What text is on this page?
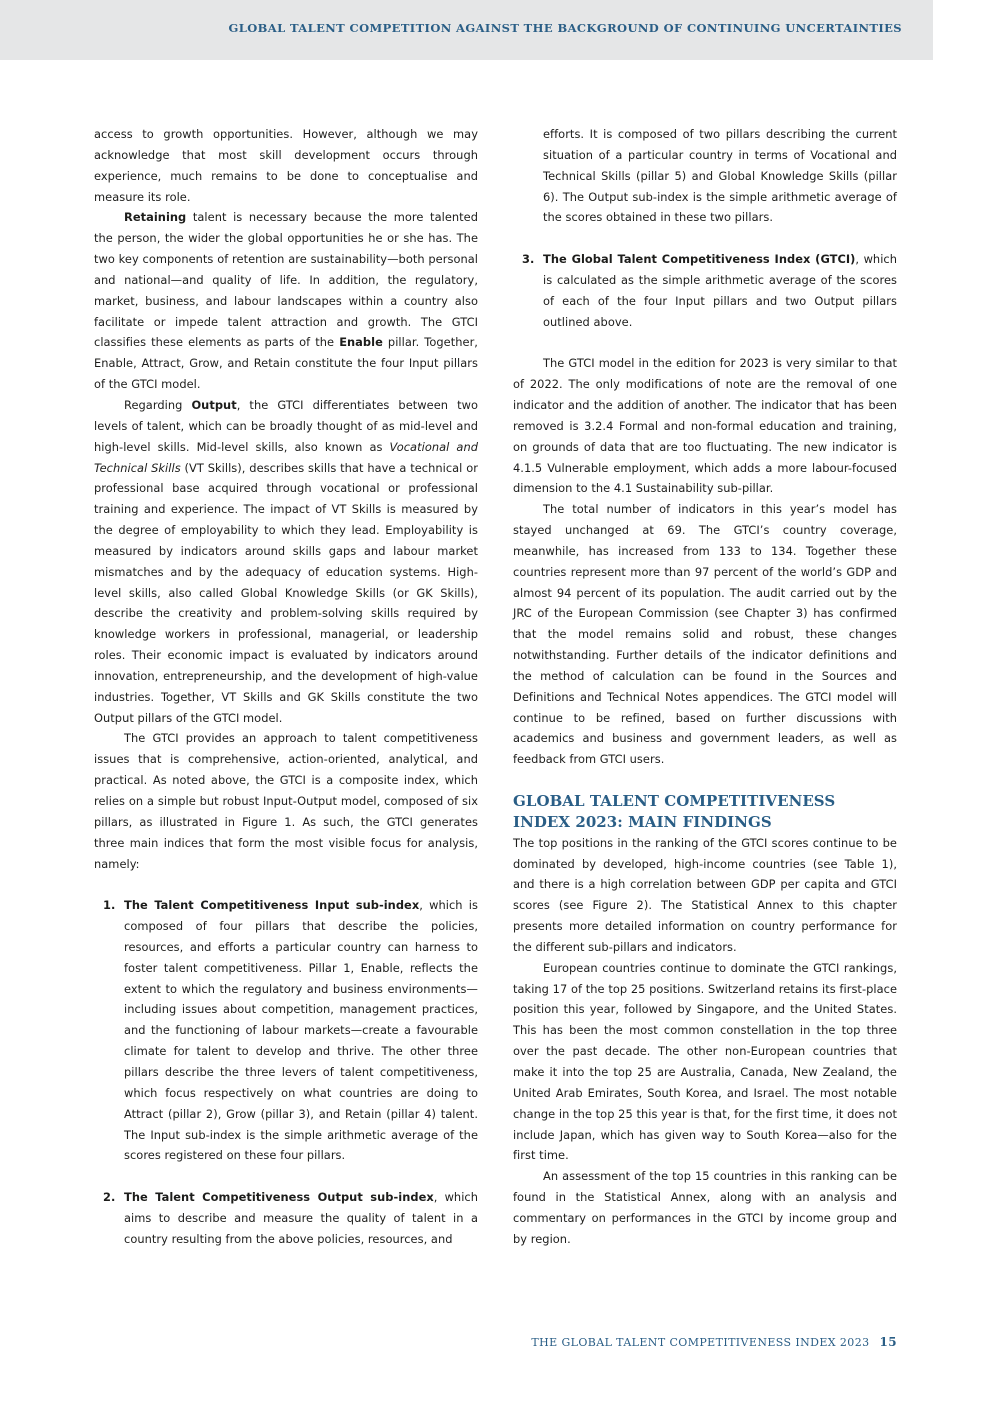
GLOBAL TALENT COMPETITION AGAINST THE BACKGROUND OF CONTINUING UNCERTAINTIES

access to growth opportunities. However, although we may acknowledge that most skill development occurs through experience, much remains to be done to conceptualise and measure its role.

Retaining talent is necessary because the more talented the person, the wider the global opportunities he or she has. The two key components of retention are sustainability—both personal and national—and quality of life. In addition, the regulatory, market, business, and labour landscapes within a country also facilitate or impede talent attraction and growth. The GTCI classifies these elements as parts of the Enable pillar. Together, Enable, Attract, Grow, and Retain constitute the four Input pillars of the GTCI model.

Regarding Output, the GTCI differentiates between two levels of talent, which can be broadly thought of as mid-level and high-level skills. Mid-level skills, also known as Vocational and Technical Skills (VT Skills), describes skills that have a technical or professional base acquired through vocational or professional training and experience. The impact of VT Skills is measured by the degree of employability to which they lead. Employability is measured by indicators around skills gaps and labour market mismatches and by the adequacy of education systems. High-level skills, also called Global Knowledge Skills (or GK Skills), describe the creativity and problem-solving skills required by knowledge workers in professional, managerial, or leadership roles. Their economic impact is evaluated by indicators around innovation, entrepreneurship, and the development of high-value industries. Together, VT Skills and GK Skills constitute the two Output pillars of the GTCI model.

The GTCI provides an approach to talent competitiveness issues that is comprehensive, action-oriented, analytical, and practical. As noted above, the GTCI is a composite index, which relies on a simple but robust Input-Output model, composed of six pillars, as illustrated in Figure 1. As such, the GTCI generates three main indices that form the most visible focus for analysis, namely:

1. The Talent Competitiveness Input sub-index, which is composed of four pillars that describe the policies, resources, and efforts a particular country can harness to foster talent competitiveness. Pillar 1, Enable, reflects the extent to which the regulatory and business environments—including issues about competition, management practices, and the functioning of labour markets—create a favourable climate for talent to develop and thrive. The other three pillars describe the three levers of talent competitiveness, which focus respectively on what countries are doing to Attract (pillar 2), Grow (pillar 3), and Retain (pillar 4) talent. The Input sub-index is the simple arithmetic average of the scores registered on these four pillars.
2. The Talent Competitiveness Output sub-index, which aims to describe and measure the quality of talent in a country resulting from the above policies, resources, and

efforts. It is composed of two pillars describing the current situation of a particular country in terms of Vocational and Technical Skills (pillar 5) and Global Knowledge Skills (pillar 6). The Output sub-index is the simple arithmetic average of the scores obtained in these two pillars.

3. The Global Talent Competitiveness Index (GTCI), which is calculated as the simple arithmetic average of the scores of each of the four Input pillars and two Output pillars outlined above.

The GTCI model in the edition for 2023 is very similar to that of 2022. The only modifications of note are the removal of one indicator and the addition of another. The indicator that has been removed is 3.2.4 Formal and non-formal education and training, on grounds of data that are too fluctuating. The new indicator is 4.1.5 Vulnerable employment, which adds a more labour-focused dimension to the 4.1 Sustainability sub-pillar.

The total number of indicators in this year’s model has stayed unchanged at 69. The GTCI’s country coverage, meanwhile, has increased from 133 to 134. Together these countries represent more than 97 percent of the world’s GDP and almost 94 percent of its population. The audit carried out by the JRC of the European Commission (see Chapter 3) has confirmed that the model remains solid and robust, these changes notwithstanding. Further details of the indicator definitions and the method of calculation can be found in the Sources and Definitions and Technical Notes appendices. The GTCI model will continue to be refined, based on further discussions with academics and business and government leaders, as well as feedback from GTCI users.

GLOBAL TALENT COMPETITIVENESS INDEX 2023: MAIN FINDINGS

The top positions in the ranking of the GTCI scores continue to be dominated by developed, high-income countries (see Table 1), and there is a high correlation between GDP per capita and GTCI scores (see Figure 2). The Statistical Annex to this chapter presents more detailed information on country performance for the different sub-pillars and indicators.

European countries continue to dominate the GTCI rankings, taking 17 of the top 25 positions. Switzerland retains its first-place position this year, followed by Singapore, and the United States. This has been the most common constellation in the top three over the past decade. The other non-European countries that make it into the top 25 are Australia, Canada, New Zealand, the United Arab Emirates, South Korea, and Israel. The most notable change in the top 25 this year is that, for the first time, it does not include Japan, which has given way to South Korea—also for the first time.

An assessment of the top 15 countries in this ranking can be found in the Statistical Annex, along with an analysis and commentary on performances in the GTCI by income group and by region.

THE GLOBAL TALENT COMPETITIVENESS INDEX 2023 15
